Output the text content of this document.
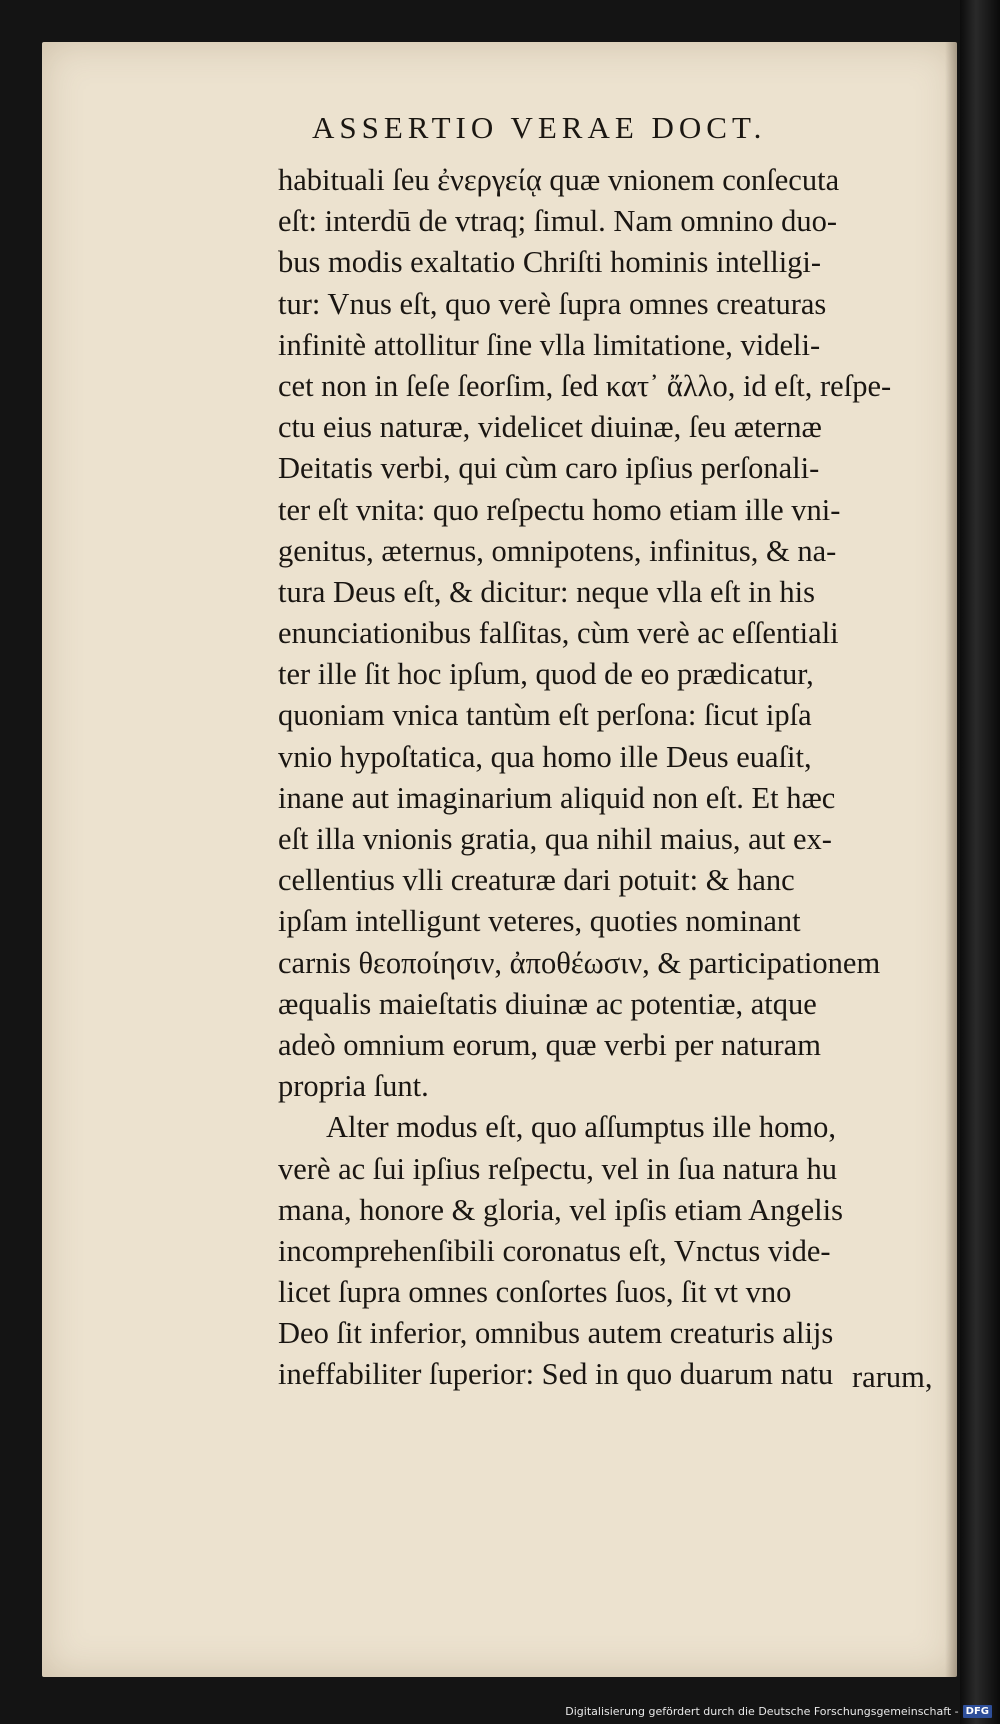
ASSERTIO VERAE DOCT.
habituali ſeu ἐνεργείᾳ quæ vnionem conſecuta
eſt: interdū de vtraq; ſimul. Nam omnino duo-
bus modis exaltatio Chriſti hominis intelligi-
tur: Vnus eſt, quo verè ſupra omnes creaturas
infinitè attollitur ſine vlla limitatione, videli-
cet non in ſeſe ſeorſim, ſed κατ᾽ ἄλλο, id eſt, reſpe-
ctu eius naturæ, videlicet diuinæ, ſeu æternæ
Deitatis verbi, qui cùm caro ipſius perſonali-
ter eſt vnita: quo reſpectu homo etiam ille vni-
genitus, æternus, omnipotens, infinitus, & na-
tura Deus eſt, & dicitur: neque vlla eſt in his
enunciationibus falſitas, cùm verè ac eſſentiali
ter ille ſit hoc ipſum, quod de eo prædicatur,
quoniam vnica tantùm eſt perſona: ſicut ipſa
vnio hypoſtatica, qua homo ille Deus euaſit,
inane aut imaginarium aliquid non eſt. Et hæc
eſt illa vnionis gratia, qua nihil maius, aut ex-
cellentius vlli creaturæ dari potuit: & hanc
ipſam intelligunt veteres, quoties nominant
carnis θεοποίησιν, ἀποθέωσιν, & participationem
æqualis maieſtatis diuinæ ac potentiæ, atque
adeò omnium eorum, quæ verbi per naturam
propria ſunt.
Alter modus eſt, quo aſſumptus ille homo,
verè ac ſui ipſius reſpectu, vel in ſua natura hu
mana, honore & gloria, vel ipſis etiam Angelis
incomprehenſibili coronatus eſt, Vnctus vide-
licet ſupra omnes conſortes ſuos, ſit vt vno
Deo ſit inferior, omnibus autem creaturis alijs
ineffabiliter ſuperior: Sed in quo duarum natu rarum,
Digitalisierung gefördert durch die Deutsche Forschungsgemeinschaft - DFG
